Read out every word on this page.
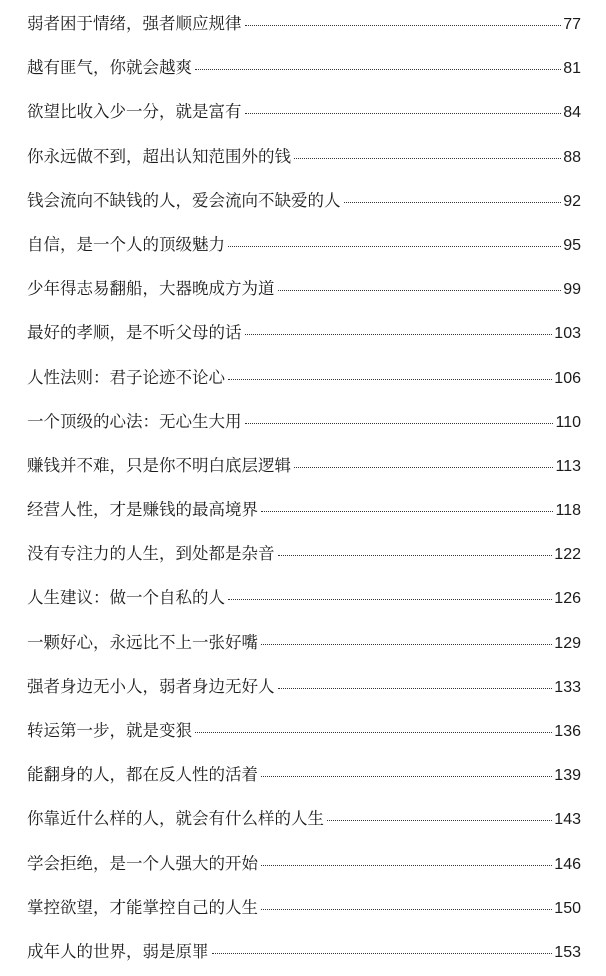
弱者困于情绪，强者顺应规律	77
越有匪气，你就会越爽	81
欲望比收入少一分，就是富有	84
你永远做不到，超出认知范围外的钱	88
钱会流向不缺钱的人，爱会流向不缺爱的人	92
自信，是一个人的顶级魅力	95
少年得志易翻船，大器晚成方为道	99
最好的孝顺，是不听父母的话	103
人性法则：君子论迹不论心	106
一个顶级的心法：无心生大用	110
赚钱并不难，只是你不明白底层逻辑	113
经营人性，才是赚钱的最高境界	118
没有专注力的人生，到处都是杂音	122
人生建议：做一个自私的人	126
一颗好心，永远比不上一张好嘴	129
强者身边无小人，弱者身边无好人	133
转运第一步，就是变狠	136
能翻身的人，都在反人性的活着	139
你靠近什么样的人，就会有什么样的人生	143
学会拒绝，是一个人强大的开始	146
掌控欲望，才能掌控自己的人生	150
成年人的世界，弱是原罪	153
